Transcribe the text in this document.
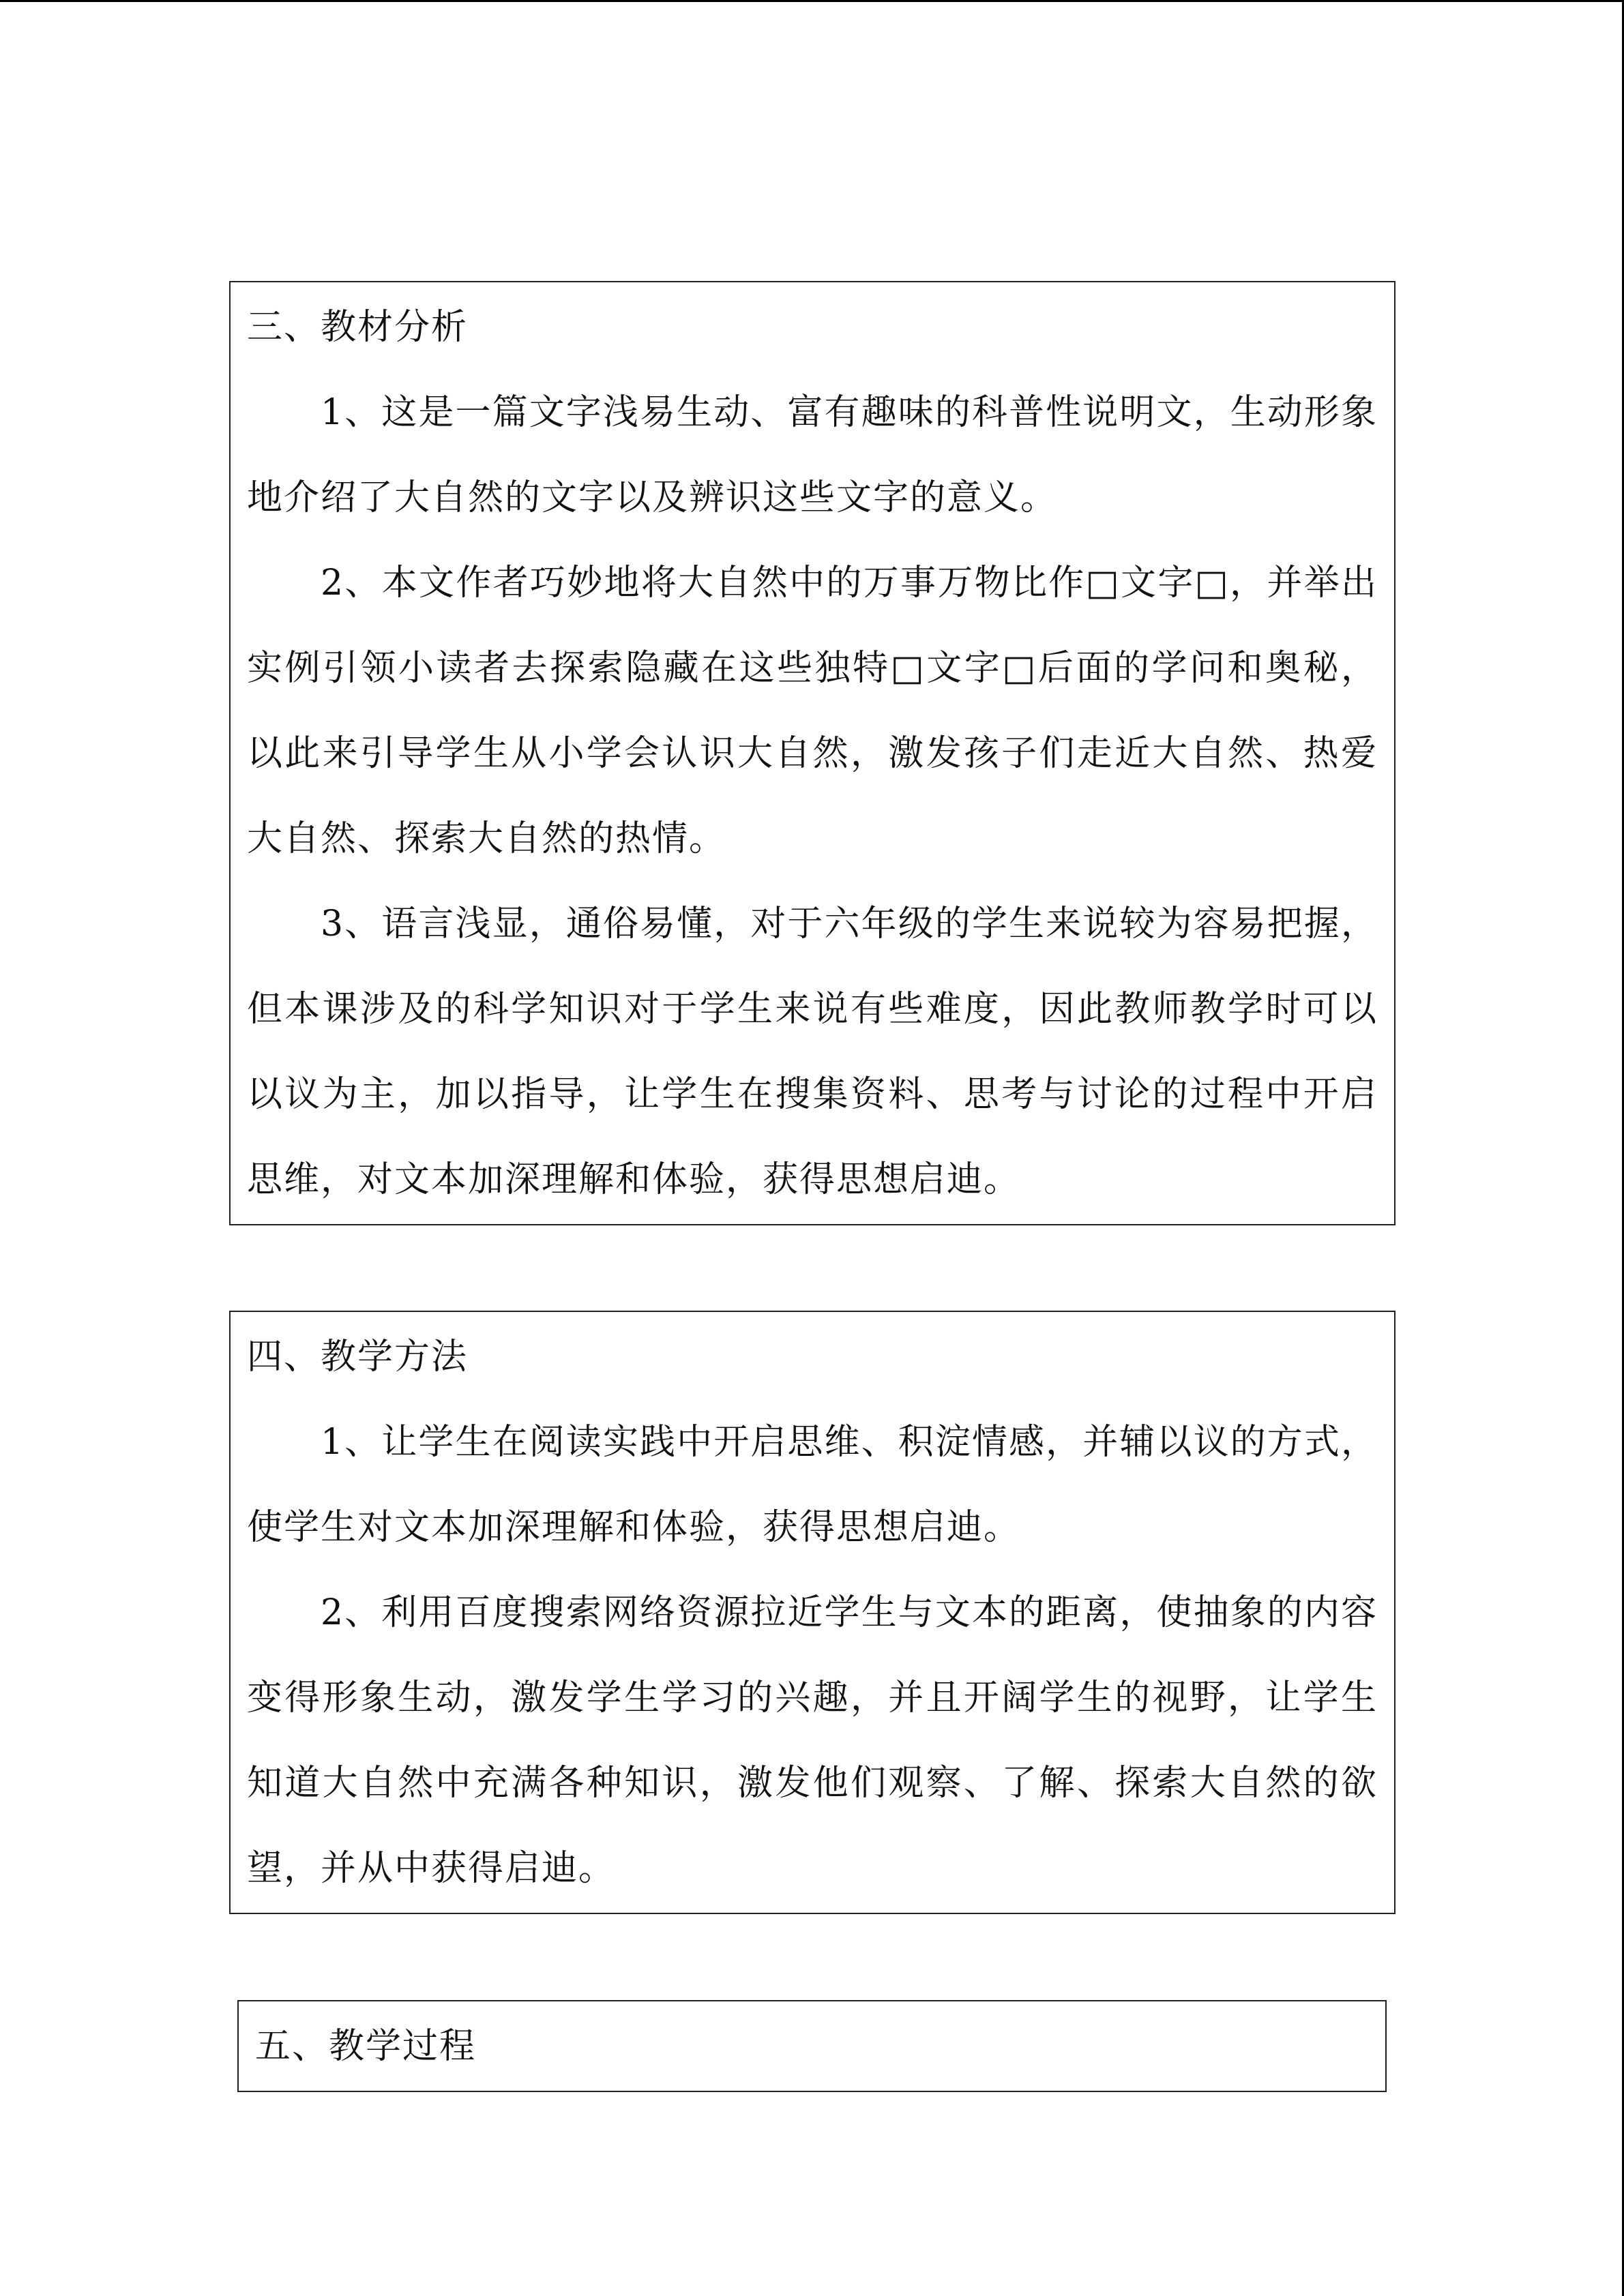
三、教材分析

1、这是一篇文字浅易生动、富有趣味的科普性说明文，生动形象地介绍了大自然的文字以及辨识这些文字的意义。

2、本文作者巧妙地将大自然中的万事万物比作□文字□，并举出实例引领小读者去探索隐藏在这些独特□文字□后面的学问和奥秘，以此来引导学生从小学会认识大自然，激发孩子们走近大自然、热爱大自然、探索大自然的热情。

3、语言浅显，通俗易懂，对于六年级的学生来说较为容易把握，但本课涉及的科学知识对于学生来说有些难度，因此教师教学时可以以议为主，加以指导，让学生在搜集资料、思考与讨论的过程中开启思维，对文本加深理解和体验，获得思想启迪。

四、教学方法

1、让学生在阅读实践中开启思维、积淀情感，并辅以议的方式，使学生对文本加深理解和体验，获得思想启迪。

2、利用百度搜索网络资源拉近学生与文本的距离，使抽象的内容变得形象生动，激发学生学习的兴趣，并且开阔学生的视野，让学生知道大自然中充满各种知识，激发他们观察、了解、探索大自然的欲望，并从中获得启迪。

五、教学过程
